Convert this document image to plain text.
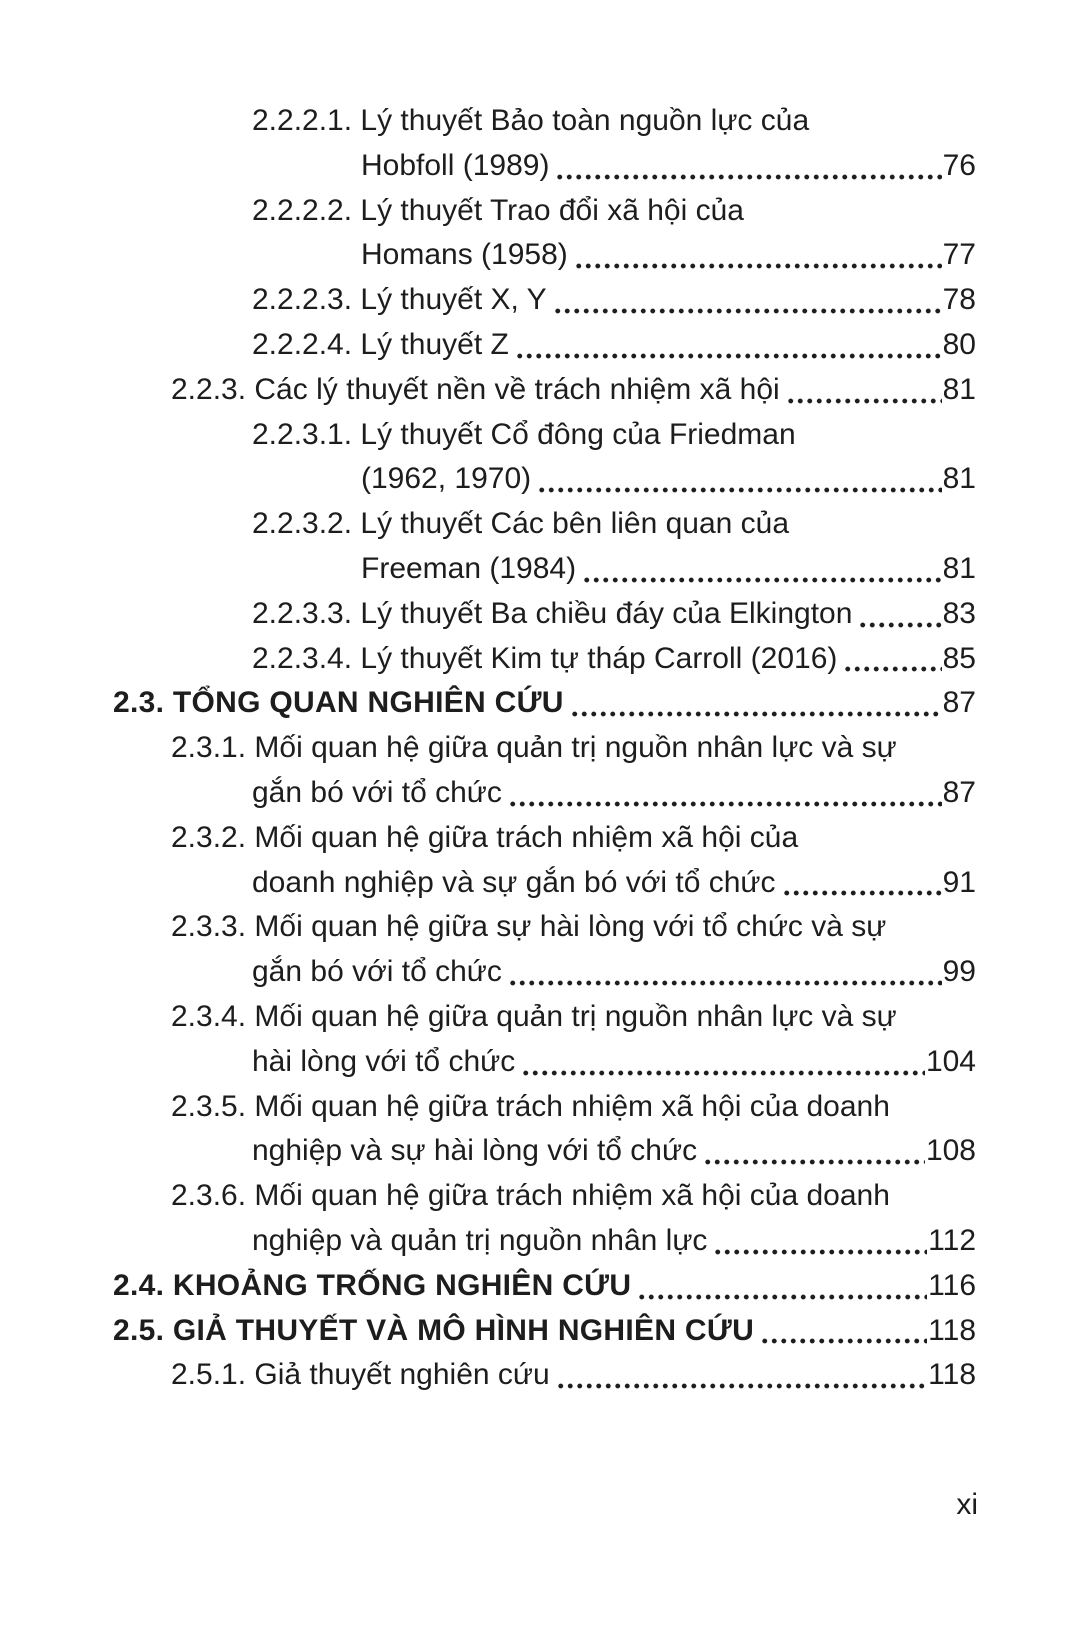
2.2.2.1. Lý thuyết Bảo toàn nguồn lực của
Hobfoll (1989)	76
2.2.2.2. Lý thuyết Trao đổi xã hội của
Homans (1958)	77
2.2.2.3. Lý thuyết X, Y	78
2.2.2.4. Lý thuyết Z	80
2.2.3. Các lý thuyết nền về trách nhiệm xã hội	81
2.2.3.1. Lý thuyết Cổ đông của Friedman
(1962, 1970)	81
2.2.3.2. Lý thuyết Các bên liên quan của
Freeman (1984)	81
2.2.3.3. Lý thuyết Ba chiều đáy của Elkington	83
2.2.3.4. Lý thuyết Kim tự tháp Carroll (2016)	85
2.3. TỔNG QUAN NGHIÊN CỨU	87
2.3.1. Mối quan hệ giữa quản trị nguồn nhân lực và sự
gắn bó với tổ chức	87
2.3.2. Mối quan hệ giữa trách nhiệm xã hội của
doanh nghiệp và sự gắn bó với tổ chức	91
2.3.3. Mối quan hệ giữa sự hài lòng với tổ chức và sự
gắn bó với tổ chức	99
2.3.4. Mối quan hệ giữa quản trị nguồn nhân lực và sự
hài lòng với tổ chức	104
2.3.5. Mối quan hệ giữa trách nhiệm xã hội của doanh
nghiệp và sự hài lòng với tổ chức	108
2.3.6. Mối quan hệ giữa trách nhiệm xã hội của doanh
nghiệp và quản trị nguồn nhân lực	112
2.4. KHOẢNG TRỐNG NGHIÊN CỨU	116
2.5. GIẢ THUYẾT VÀ MÔ HÌNH NGHIÊN CỨU	118
2.5.1. Giả thuyết nghiên cứu	118
xi
